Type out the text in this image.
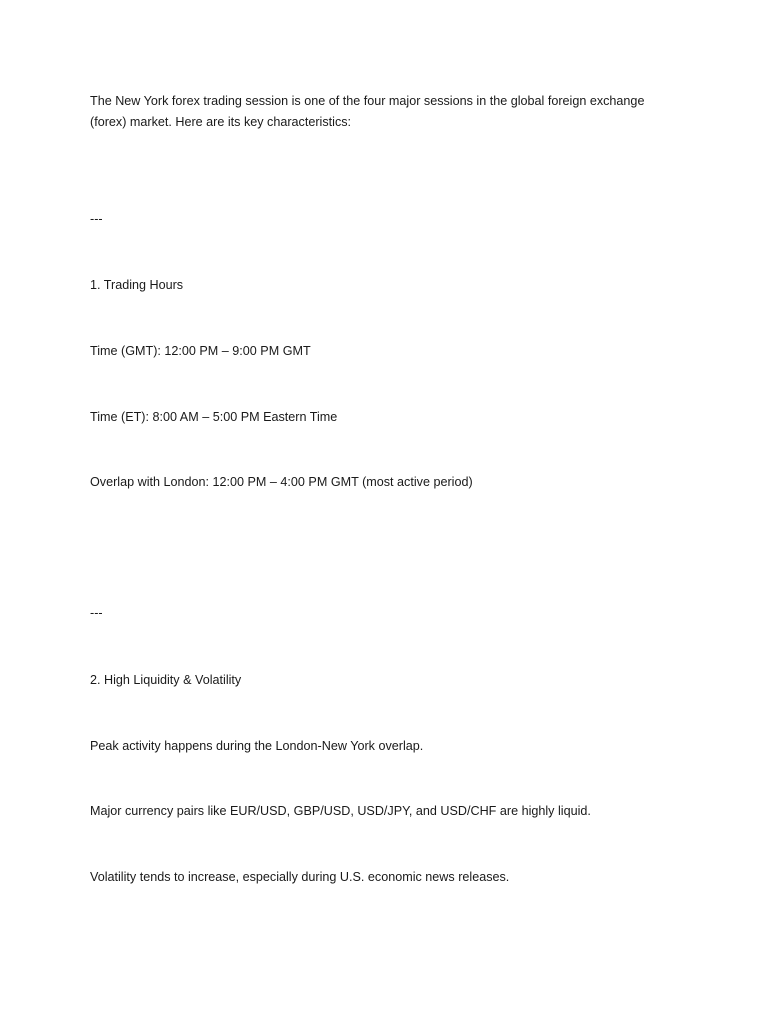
The New York forex trading session is one of the four major sessions in the global foreign exchange (forex) market. Here are its key characteristics:

---

1. Trading Hours

Time (GMT): 12:00 PM – 9:00 PM GMT

Time (ET): 8:00 AM – 5:00 PM Eastern Time

Overlap with London: 12:00 PM – 4:00 PM GMT (most active period)

---

2. High Liquidity & Volatility

Peak activity happens during the London-New York overlap.

Major currency pairs like EUR/USD, GBP/USD, USD/JPY, and USD/CHF are highly liquid.

Volatility tends to increase, especially during U.S. economic news releases.
